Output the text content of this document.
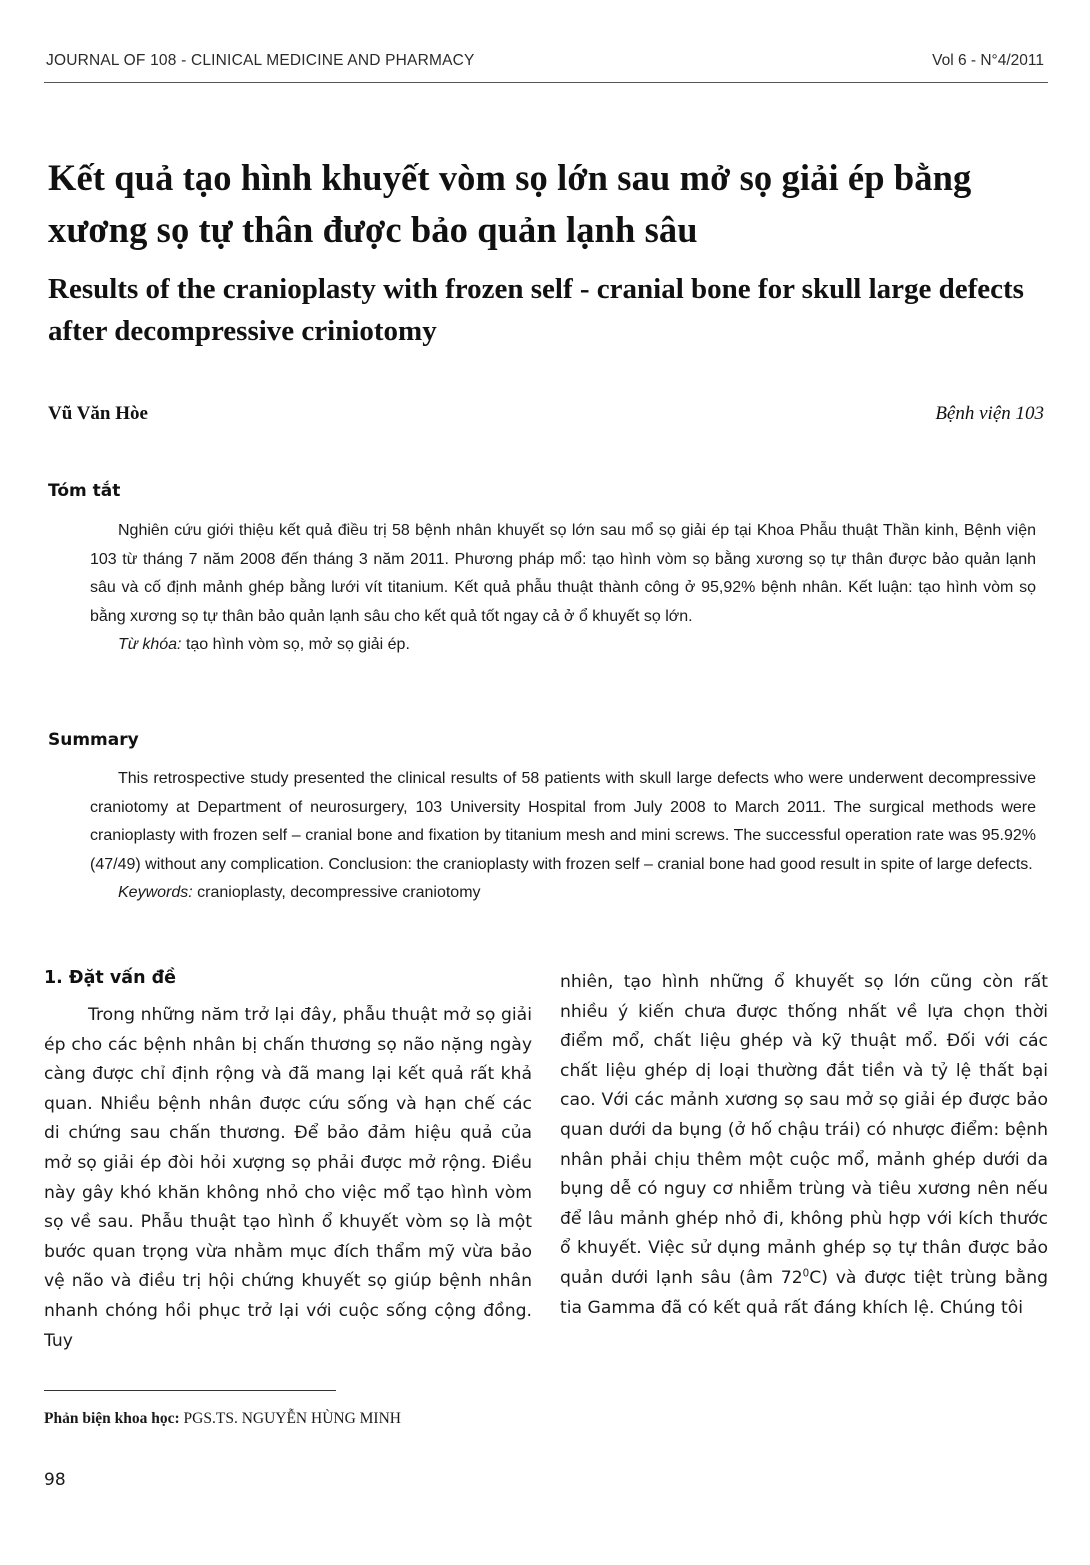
JOURNAL OF 108 - CLINICAL MEDICINE AND PHARMACY	Vol 6 - N°4/2011
Kết quả tạo hình khuyết vòm sọ lớn sau mở sọ giải ép bằng xương sọ tự thân được bảo quản lạnh sâu
Results of the cranioplasty with frozen self - cranial bone for skull large defects after decompressive criniotomy
Vũ Văn Hòe	Bệnh viện 103
Tóm tắt

Nghiên cứu giới thiệu kết quả điều trị 58 bệnh nhân khuyết sọ lớn sau mổ sọ giải ép tại Khoa Phẫu thuật Thần kinh, Bệnh viện 103 từ tháng 7 năm 2008 đến tháng 3 năm 2011. Phương pháp mổ: tạo hình vòm sọ bằng xương sọ tự thân được bảo quản lạnh sâu và cố định mảnh ghép bằng lưới vít titanium. Kết quả phẫu thuật thành công ở 95,92% bệnh nhân. Kết luận: tạo hình vòm sọ bằng xương sọ tự thân bảo quản lạnh sâu cho kết quả tốt ngay cả ở ổ khuyết sọ lớn.

Từ khóa: tạo hình vòm sọ, mở sọ giải ép.

Summary

This retrospective study presented the clinical results of 58 patients with skull large defects who were underwent decompressive craniotomy at Department of neurosurgery, 103 University Hospital from July 2008 to March 2011. The surgical methods were cranioplasty with frozen self – cranial bone and fixation by titanium mesh and mini screws. The successful operation rate was 95.92% (47/49) without any complication. Conclusion: the cranioplasty with frozen self – cranial bone had good result in spite of large defects.

Keywords: cranioplasty, decompressive craniotomy

1. Đặt vấn đề

Trong những năm trở lại đây, phẫu thuật mở sọ giải ép cho các bệnh nhân bị chấn thương sọ não nặng ngày càng được chỉ định rộng và đã mang lại kết quả rất khả quan. Nhiều bệnh nhân được cứu sống và hạn chế các di chứng sau chấn thương. Để bảo đảm hiệu quả của mở sọ giải ép đòi hỏi xượng sọ phải được mở rộng. Điều này gây khó khăn không nhỏ cho việc mổ tạo hình vòm sọ về sau. Phẫu thuật tạo hình ổ khuyết vòm sọ là một bước quan trọng vừa nhằm mục đích thẩm mỹ vừa bảo vệ não và điều trị hội chứng khuyết sọ giúp bệnh nhân nhanh chóng hồi phục trở lại với cuộc sống cộng đồng. Tuy

nhiên, tạo hình những ổ khuyết sọ lớn cũng còn rất nhiều ý kiến chưa được thống nhất về lựa chọn thời điểm mổ, chất liệu ghép và kỹ thuật mổ. Đối với các chất liệu ghép dị loại thường đắt tiền và tỷ lệ thất bại cao. Với các mảnh xương sọ sau mở sọ giải ép được bảo quan dưới da bụng (ở hố chậu trái) có nhược điểm: bệnh nhân phải chịu thêm một cuộc mổ, mảnh ghép dưới da bụng dễ có nguy cơ nhiễm trùng và tiêu xương nên nếu để lâu mảnh ghép nhỏ đi, không phù hợp với kích thước ổ khuyết. Việc sử dụng mảnh ghép sọ tự thân được bảo quản dưới lạnh sâu (âm $72^0C$) và được tiệt trùng bằng tia Gamma đã có kết quả rất đáng khích lệ. Chúng tôi

Phản biện khoa học: PGS.TS. NGUYỄN HÙNG MINH
98
